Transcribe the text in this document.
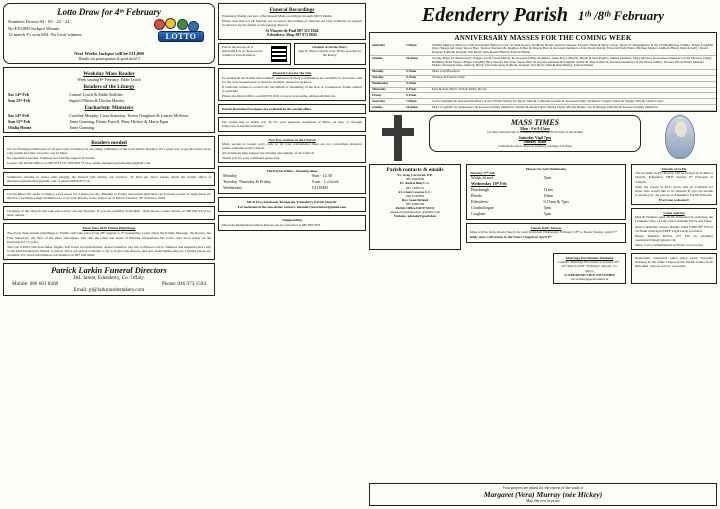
Lotto Draw for 4ᵗʰ February
Numbers Drawn 04 - 05 - 22 - 24
No €10,000 Jackpot Winner
12 match 3's won €84. No local winners	LOTTO
Next Weeks Jackpot will be €11,000
Thanks for participation & good luck!!!
Weekday Mass Reader
Week starting 8ᵗʰ February: Eddie Lynch
Readers of the Liturgy
Sat 14ᵗʰ Feb	Carmel Lynch & Eddie Kelliher
Sun 15ᵗʰ Feb	Ingrid O'Brien & Declan Manley
Eucharistic Ministers
Sat 14ᵗʰ Feb	Caroline Murphy, Ciara Staunton, Teresa Naughton & Lauren McKeon
Sun 15ᵗʰ Feb	Anne Gunning, Elaine Farrell, Mary Hickey & Maria Egan
Ofalia House	Anne Gunning
Readers needed
We are inviting parishioners of all ages with an interest in becoming a Minister of the word (Mass Reader). It's a great way to get involved, serve your parish and take an active role in Mass.
No experience needed. Training and friendly support provided.
Contact the Parish Office on 046 9733 311, 086 858 5714 or email edenderryparishcentre@gmail.com.
Volunteers needed to assist with ringing the funeral bell during our services. To find our more please email the parish office at edenderryparishcentre@gmail.com or phone 086 858 5714.
Clocha Rince NS seeks to employ a bus escort for 2 hours per day, Monday to Friday. Interested applicants can forward a letter of application via email to clocharince16@clocharince.ie or by post directly to the school on or before Tuesday 10ᵗʰ February 2026.
Cleaning of the Church will take place every second Tuesday. If you are available from 6pm - 8pm please contact Karen on 086 082 6174 for more details.
Totus Tuus 2026 Fatima Pilgrimage
The Totus Tuus annual pilgrimage to Fatima will take place from 28ᵗʰ August to 4ᵗʰ September. Learn about the Fatima Message, the Rosary, the First Saturdays, the lives of the three visionaries, and visit the tomb and home of Blessed Alexandrina Da Costa, who lived solely on the Eucharist for 13 years.
The cost is €915 which includes, flights, half board accommodation, airport transfers, day trip to Balasar, trip to Valinhos and Adjustrel and a trip to the Irish Dominican Sisters' Convent. There are places available to fly to from Cork Airport, and also from Dublin Airport. Limited places are available. For more information call Damien on 087 204 9048.
Patrick Larkin Funeral Directors
JKL Street, Edenderry, Co. Offaly.
Mobile: 086 601 8260	Phone: 046 973 1594
Email: pl@larkinundertakers.com
Funeral Recordings
Edenderry Parish can now offer funeral Mass recordings through MCN Media.
Please note that not all funerals are recorded. Recordings of funerals are only available on request in advance by the family or the funeral director.
St Vincent de Paul 087 313 1844
Edenderry Shop 087 973 8845
Follow the diocese on X @KANDLE.ie or check out the website at www.Kandle.ie
Chaplets of Devine Mercy
3pm St. Mary's Church every Friday preceded by the Rosary
Pastoral Care for the Sick
Fr. Andrei & our Parish extraordinary ministers of Holy Communion are available to do house calls for the sick, housebound or those in hospital, please let us know.
If someone wishes to receive the Sacrament of Anointing of the sick or Confession, Father Andrei is available.
Phone the Parish Office on 046 973 3311 to leave your name, address & Dnicole.
Parish Donation Envelopes are available in the parish office.
We would like to thank you all for your generous donations at Mass, on line, or through https://www.kandle.ie/donate/
New Pay stations in the Church
Many people no longer carry cash, so for your convenience there are two contactless donation points available in the Church.
All donations help support the running and upkeep of our Church.
Thank you for your continued generosity.
The Parish Office - Opening times
Monday	9am - 12.30
Tuesday, Thursday & Friday	9 am - 1 o'clock
Wednesday	CLOSED
MCN Live Facebook/ Instagram 'Edenderry Parish Church'
For inclusion in the newsletter contact: edenderrynewsletter@gmail.com
Safeguarding
Diocesan Designated Liaison Person can be contacted at 085 8021633
Edenderry Parish 1ᵗʰ /8ᵗʰ February
ANNIVERSARY MASSES FOR THE COMING WEEK
Saturday	7.00pm	Months Memory Mass for John Kavanagh; Helen Crowe 1st Anniversary; Kathleen Nolan; Austin Grennan; Thomas, Ellen & Mary Carey; Teresa O' Shaughnessy & the O'Shaughnessy Family; Brigie Loughlin (Nee Nolan), her sister Teresa Barr, Teresas' husband & daughter Arthur & Sharon Barr & deceased members of the Nolan family; Edward (Ned) Ennis; Michael Maher; Anthony Hurst; Patrick Kelly; David Keegan; Eamonn Keegan; Jim Ryall; John & Ann Hanley; Eamon Dunne
Sunday	10.00am	George Daly, 1st Anniversary; Peggie Joe & Owen Murray & deceased family members; Anne & Ivy Mulvin; Breda & Ned Pender; Johnny Delaney; Mary Mooney & deceased members of the Mooney family, Ballinlig; Peter Weyer; Brigie Loughlin (Nee Nolan), her sister Teresa Barr & Teresas' husband & daughter Arthur & Sharon Barr & deceased members of the Nolan family; Edward (Ned) Ennis; Michael Maher; Doreen Kenna; Anthony Hurst; David Keegan; Eamonn, Keegan; Jim Ryall; John & Ann Hanley; Eamon Dunne
Monday	9.15am	Mass Card Bouquets
Tuesday	9.15am	Thomas & Frances Daly
Wednesday	9.15am	
Thursday	9.15am	Paul & Josie Ryan; Tom & Molly Dwyer
Friday	9.15am	
Saturday	7.00pm	Lucia Cummins & deceased members of the O'Neill family; Ita Ryall; John & Catherine Grattan & deceased family members; Joseph, Annie & Stanley Smyth; Linda Coyne
Sunday	10.00am	Mary Loughlin 1st Anniversary & deceased family members; Charlie & Annie Flynn; Benny Flynn; Phyllis Dunne; Joe & Bridget O'Reilly & deceased family members;
MASS TIMES
Mon - Fri 9:15am
(no daily mass the day of a funeral except for the first Friday of the month)
Saturday Vigil 7pm
Sunday 10am
Confessions before Mass on Saturday evenings at 6-30pm
Parish contacts & emails
Fr. Greg Corcoran, P.P.
087 9402669
Fr. Andrei Blaj C.C.
087 1838131
Fr. Liam Lawton C.C.
046 9738863
Rev. Sean Ryland
087 9486769
Parish Office 046 9733311
edenderryparishcentre @gmail.com
Website: edenderryparish.ie
Masses for Ash Wednesday
Tuesday 17ᵗʰ Feb
Walsh Island	7pm
Wednesday 18ᵗʰ Feb	
Bracknagh	11am
Rhode	10am
Edenderry	9.15am & 7pm
Clonbullogue	7pm
Croghan	7pm
Lenten Daily Masses
Mass will be in the main Church for Lent from Ash Wednesday, February 18ᵗʰ to Easter Sunday, April 5ᵗʰ
Daily mass will return to the Nun's Chapel on April 6ᵗʰ.
Friends of St Pio
The monthly St Pio Rosary will be recited in St Mary's Church, Edenderry THIS Sunday 8ᵗʰ February at 3.30pm.
After the rosary St Pio's glove will be available for those who would like to be blessed. If you are unable to attend you can join us on Edenderry Parish Webcam.
Everyone welcome!!
Come and See
Men & Women, aged 18-40, interested in exploring the Carmelite Way of Life with Carmelite Friars and Nuns.
Avila Carmelite Centre, Dublin, DO4 VF66 28ᵗʰ Feb at 10:30am until 4pm FREE Light lunch provided.
Please Register Before 25ᵗʰ Feb by emailing opendays3vilas@ gmail.com
Nuns: www.carmelitenuns.ie Friars: www.ocd.ie
Marriage Enrichment Weekend
Catholic Marriage Encounter in Ireland 20ᵗʰ - 22ᵗʰ March 2026 "St Marys" Knock, Co. Mayo
A WEEKEND LIKE NO OTHER
www.marriageencounter.ie
Eucharistic Adoration takes place every Saturday morning in the Nuns Chapel in the Parish Centre from 9am until 12noon. All are welcome!
Your prayers are asked for the repose of the souls of
Margaret (Vera) Murray (née Hickey)
May She rest in peace
